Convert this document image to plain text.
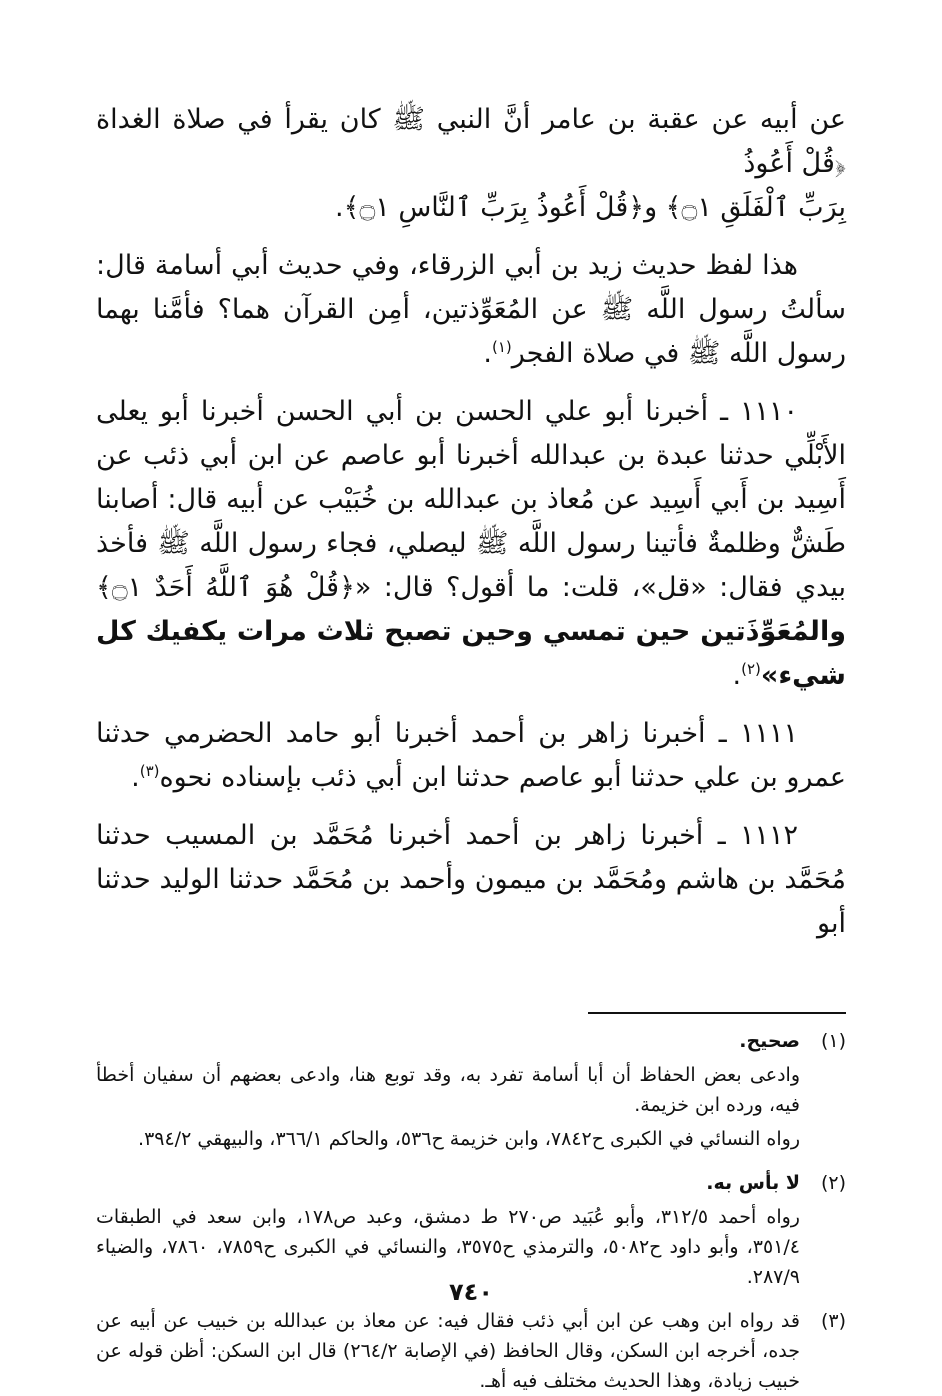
عن أبيه عن عقبة بن عامر أنَّ النبي ﷺ كان يقرأ في صلاة الغداة ﴿قُلْ أَعُوذُ
بِرَبِّ ٱلْفَلَقِ ۝١﴾ و﴿قُلْ أَعُوذُ بِرَبِّ ٱلنَّاسِ ۝١﴾.

هذا لفظ حديث زيد بن أبي الزرقاء، وفي حديث أبي أسامة قال: سألتُ رسول اللَّه ﷺ عن المُعَوِّذتين، أمِن القرآن هما؟ فأمَّنا بهما رسول اللَّه ﷺ في صلاة الفجر$^{(١)}$.

١١١٠ ـ أخبرنا أبو علي الحسن بن أبي الحسن أخبرنا أبو يعلى الأَبْلِّي حدثنا عبدة بن عبدالله أخبرنا أبو عاصم عن ابن أبي ذئب عن أَسِيد بن أَبي أَسِيد عن مُعاذ بن عبدالله بن خُبَيْب عن أبيه قال: أصابنا طَشٌّ وظلمةٌ فأتينا رسول اللَّه ﷺ ليصلي، فجاء رسول اللَّه ﷺ فأخذ بيدي فقال: «قل»، قلت: ما أقول؟ قال: «﴿قُلْ هُوَ ٱللَّهُ أَحَدٌ ۝١﴾ والمُعَوِّذَتين حين تمسي وحين تصبح ثلاث مرات يكفيك كل شيء»$^{(٢)}$.

١١١١ ـ أخبرنا زاهر بن أحمد أخبرنا أبو حامد الحضرمي حدثنا عمرو بن علي حدثنا أبو عاصم حدثنا ابن أبي ذئب بإسناده نحوه$^{(٣)}$.

١١١٢ ـ أخبرنا زاهر بن أحمد أخبرنا مُحَمَّد بن المسيب حدثنا مُحَمَّد بن هاشم ومُحَمَّد بن ميمون وأحمد بن مُحَمَّد حدثنا الوليد حدثنا أبو

(١)
صحيح.
وادعى بعض الحفاظ أن أبا أسامة تفرد به، وقد توبع هنا، وادعى بعضهم أن سفيان أخطأ فيه، ورده ابن خزيمة.
رواه النسائي في الكبرى ح٧٨٤٢، وابن خزيمة ح٥٣٦، والحاكم ٣٦٦/١، والبيهقي ٣٩٤/٢.
(٢)
لا بأس به.
رواه أحمد ٣١٢/٥، وأبو عُبَيد ص٢٧٠ ط دمشق، وعبد ص١٧٨، وابن سعد في الطبقات ٣٥١/٤، وأبو داود ح٥٠٨٢، والترمذي ح٣٥٧٥، والنسائي في الكبرى ح٧٨٥٩، ٧٨٦٠، والضياء ٢٨٧/٩.
(٣)
قد رواه ابن وهب عن ابن أبي ذئب فقال فيه: عن معاذ بن عبدالله بن خبيب عن أبيه عن جده، أخرجه ابن السكن، وقال الحافظ (في الإصابة ٢٦٤/٢) قال ابن السكن: أظن قوله عن خبيب زيادة، وهذا الحديث مختلف فيه أهـ.
٧٤٠
